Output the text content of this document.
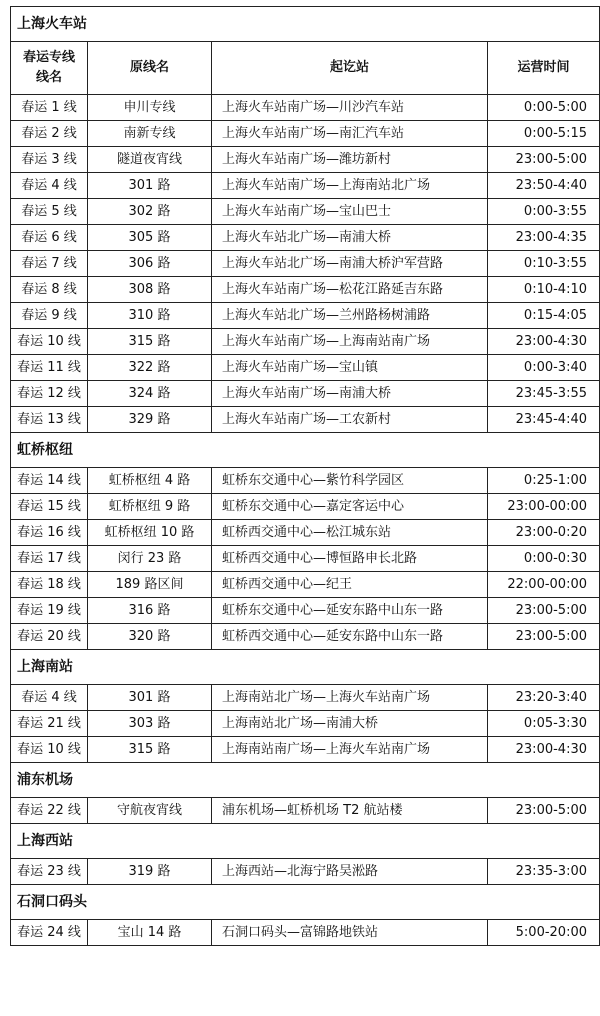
上海火车站			
春运专线
线名	原线名	起讫站	运营时间
春运 1 线	申川专线	上海火车站南广场—川沙汽车站	0:00-5:00
春运 2 线	南新专线	上海火车站南广场—南汇汽车站	0:00-5:15
春运 3 线	隧道夜宵线	上海火车站南广场—潍坊新村	23:00-5:00
春运 4 线	301 路	上海火车站南广场—上海南站北广场	23:50-4:40
春运 5 线	302 路	上海火车站南广场—宝山巴士	0:00-3:55
春运 6 线	305 路	上海火车站北广场—南浦大桥	23:00-4:35
春运 7 线	306 路	上海火车站北广场—南浦大桥沪军营路	0:10-3:55
春运 8 线	308 路	上海火车站南广场—松花江路延吉东路	0:10-4:10
春运 9 线	310 路	上海火车站北广场—兰州路杨树浦路	0:15-4:05
春运 10 线	315 路	上海火车站南广场—上海南站南广场	23:00-4:30
春运 11 线	322 路	上海火车站南广场—宝山镇	0:00-3:40
春运 12 线	324 路	上海火车站南广场—南浦大桥	23:45-3:55
春运 13 线	329 路	上海火车站南广场—工农新村	23:45-4:40
虹桥枢纽			
春运 14 线	虹桥枢纽 4 路	虹桥东交通中心—紫竹科学园区	0:25-1:00
春运 15 线	虹桥枢纽 9 路	虹桥东交通中心—嘉定客运中心	23:00-00:00
春运 16 线	虹桥枢纽 10 路	虹桥西交通中心—松江城东站	23:00-0:20
春运 17 线	闵行 23 路	虹桥西交通中心—博恒路申长北路	0:00-0:30
春运 18 线	189 路区间	虹桥西交通中心—纪王	22:00-00:00
春运 19 线	316 路	虹桥东交通中心—延安东路中山东一路	23:00-5:00
春运 20 线	320 路	虹桥西交通中心—延安东路中山东一路	23:00-5:00
上海南站			
春运 4 线	301 路	上海南站北广场—上海火车站南广场	23:20-3:40
春运 21 线	303 路	上海南站北广场—南浦大桥	0:05-3:30
春运 10 线	315 路	上海南站南广场—上海火车站南广场	23:00-4:30
浦东机场			
春运 22 线	守航夜宵线	浦东机场—虹桥机场 T2 航站楼	23:00-5:00
上海西站			
春运 23 线	319 路	上海西站—北海宁路吴淞路	23:35-3:00
石洞口码头			
春运 24 线	宝山 14 路	石洞口码头—富锦路地铁站	5:00-20:00
